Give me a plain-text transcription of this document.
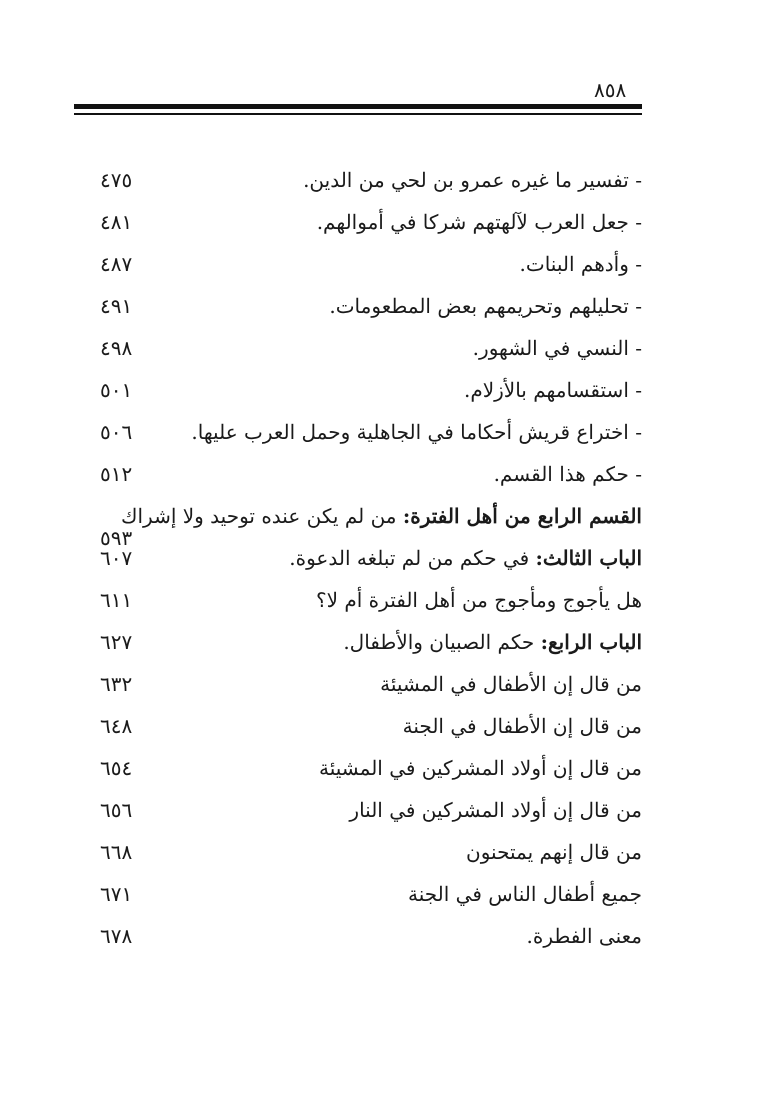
٨٥٨
- تفسير ما غيره عمرو بن لحي من الدين.
٤٧٥
- جعل العرب لآلهتهم شركا في أموالهم.
٤٨١
- وأدهم البنات.
٤٨٧
- تحليلهم وتحريمهم بعض المطعومات.
٤٩١
- النسي في الشهور.
٤٩٨
- استقسامهم بالأزلام.
٥٠١
- اختراع قريش أحكاما في الجاهلية وحمل العرب عليها.
٥٠٦
- حكم هذا القسم.
٥١٢
القسم الرابع من أهل الفترة: من لم يكن عنده توحيد ولا إشراك
٥٩٣
الباب الثالث: في حكم من لم تبلغه الدعوة.
٦٠٧
هل يأجوج ومأجوج من أهل الفترة أم لا؟
٦١١
الباب الرابع: حكم الصبيان والأطفال.
٦٢٧
من قال إن الأطفال في المشيئة
٦٣٢
من قال إن الأطفال في الجنة
٦٤٨
من قال إن أولاد المشركين في المشيئة
٦٥٤
من قال إن أولاد المشركين في النار
٦٥٦
من قال إنهم يمتحنون
٦٦٨
جميع أطفال الناس في الجنة
٦٧١
معنى الفطرة.
٦٧٨
